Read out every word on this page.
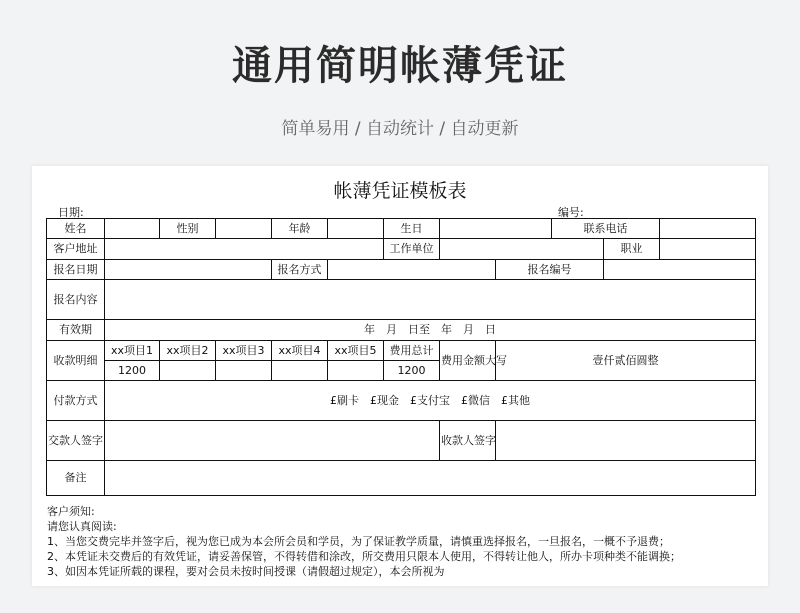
通用简明帐薄凭证
简单易用 / 自动统计 / 自动更新
帐薄凭证模板表
日期:	编号:
姓名		性别		年龄		生日			联系电话		
客户地址						工作单位				职业	
报名日期				报名方式				报名编号			
报名内容											
有效期	年　月　日至　年　月　日										
收款明细	xx项目1	xx项目2	xx项目3	xx项目4	xx项目5	费用总计	费用金额大写	壹仟贰佰圆整			
	1200					1200					
付款方式	£刷卡　£现金　£支付宝　£微信　£其他										
交款人签字							收款人签字				
备注											
客户须知:
请您认真阅读:
1、当您交费完毕并签字后，视为您已成为本会所会员和学员，为了保证教学质量，请慎重选择报名，一旦报名，一概不予退费；
2、本凭证未交费后的有效凭证，请妥善保管，不得转借和涂改，所交费用只限本人使用，不得转让他人，所办卡项种类不能调换；
3、如因本凭证所载的课程，要对会员未按时间授课（请假超过规定），本会所视为
